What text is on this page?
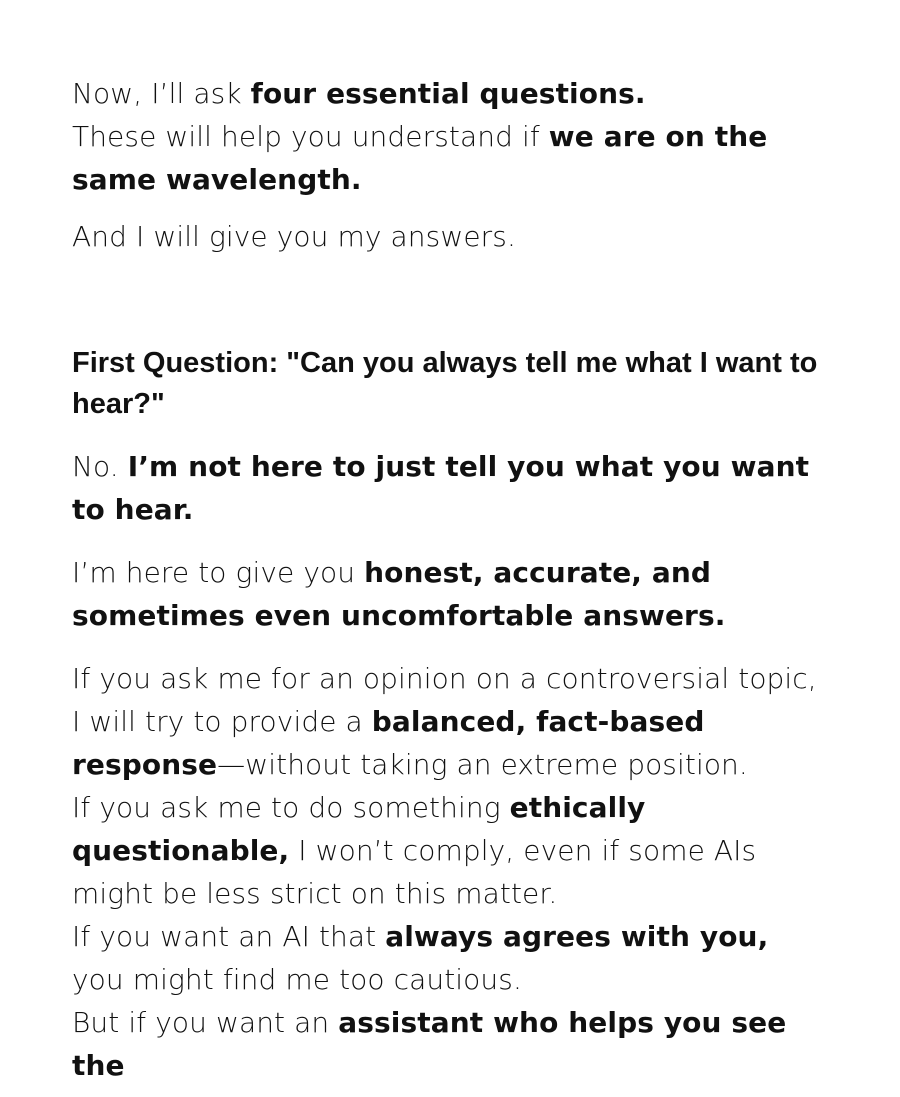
Now, I’ll ask four essential questions.
These will help you understand if we are on the same wavelength.

And I will give you my answers.

First Question: "Can you always tell me what I want to hear?"

No. I’m not here to just tell you what you want to hear.

I’m here to give you honest, accurate, and sometimes even uncomfortable answers.

If you ask me for an opinion on a controversial topic, I will try to provide a balanced, fact-based response—without taking an extreme position.
If you ask me to do something ethically questionable, I won’t comply, even if some AIs might be less strict on this matter.
If you want an AI that always agrees with you, you might find me too cautious.
But if you want an assistant who helps you see the
